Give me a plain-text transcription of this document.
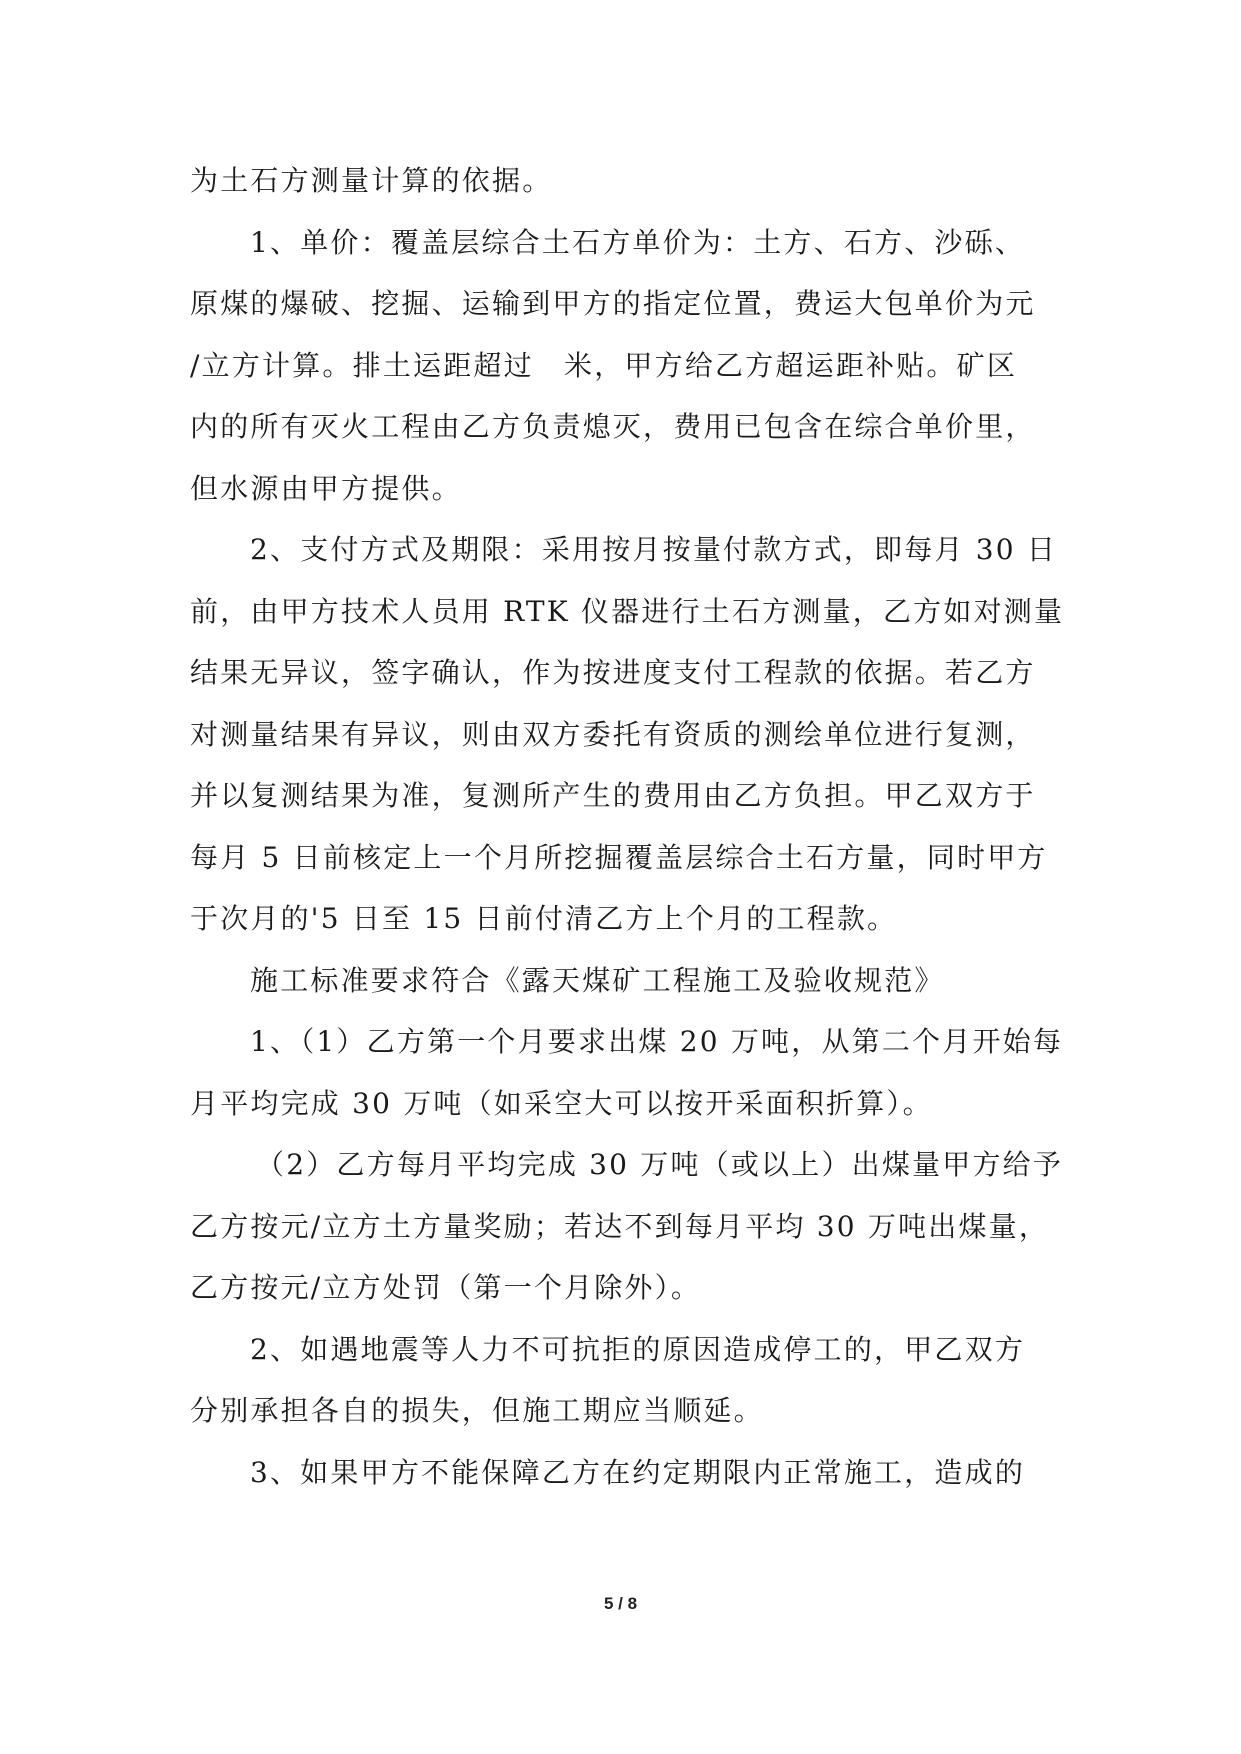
为土石方测量计算的依据。
1、单价：覆盖层综合土石方单价为：土方、石方、沙砾、
原煤的爆破、挖掘、运输到甲方的指定位置，费运大包单价为元
/立方计算。排土运距超过　米，甲方给乙方超运距补贴。矿区
内的所有灭火工程由乙方负责熄灭，费用已包含在综合单价里，
但水源由甲方提供。
2、支付方式及期限：采用按月按量付款方式，即每月 30 日
前，由甲方技术人员用 RTK 仪器进行土石方测量，乙方如对测量
结果无异议，签字确认，作为按进度支付工程款的依据。若乙方
对测量结果有异议，则由双方委托有资质的测绘单位进行复测，
并以复测结果为准，复测所产生的费用由乙方负担。甲乙双方于
每月 5 日前核定上一个月所挖掘覆盖层综合土石方量，同时甲方
于次月的'5 日至 15 日前付清乙方上个月的工程款。
施工标准要求符合《露天煤矿工程施工及验收规范》
1、（1）乙方第一个月要求出煤 20 万吨，从第二个月开始每
月平均完成 30 万吨（如采空大可以按开采面积折算）。
（2）乙方每月平均完成 30 万吨（或以上）出煤量甲方给予
乙方按元/立方土方量奖励；若达不到每月平均 30 万吨出煤量，
乙方按元/立方处罚（第一个月除外）。
2、如遇地震等人力不可抗拒的原因造成停工的，甲乙双方
分别承担各自的损失，但施工期应当顺延。
3、如果甲方不能保障乙方在约定期限内正常施工，造成的
5 / 8
